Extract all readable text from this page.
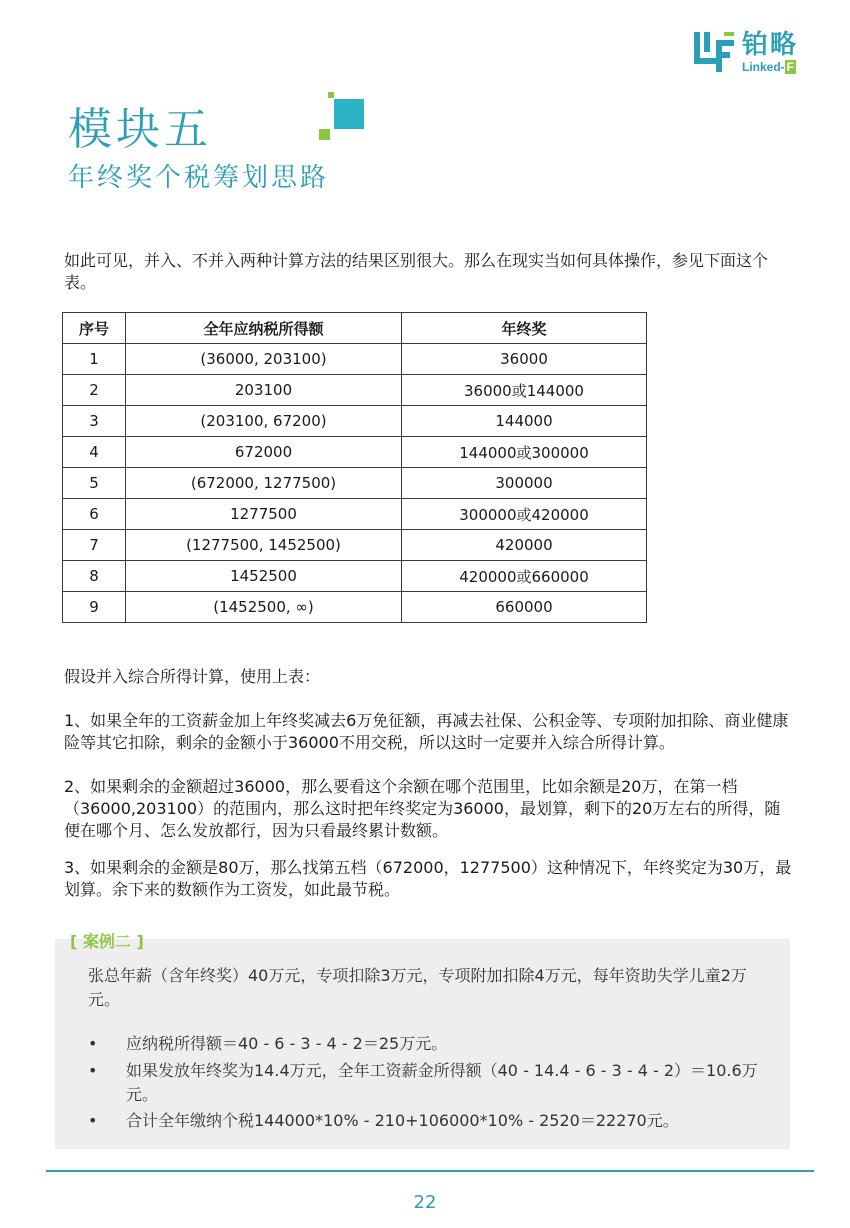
铂略
Linked- F
模块五
年终奖个税筹划思路
如此可见，并入、不并入两种计算方法的结果区别很大。那么在现实当如何具体操作，参见下面这个表。
序号	全年应纳税所得额	年终奖
1	(36000, 203100)	36000
2	203100	36000或144000
3	(203100, 67200)	144000
4	672000	144000或300000
5	(672000, 1277500)	300000
6	1277500	300000或420000
7	(1277500, 1452500)	420000
8	1452500	420000或660000
9	(1452500, ∞)	660000
假设并入综合所得计算，使用上表：
1、如果全年的工资薪金加上年终奖减去6万免征额，再减去社保、公积金等、专项附加扣除、商业健康险等其它扣除，剩余的金额小于36000不用交税，所以这时一定要并入综合所得计算。
2、如果剩余的金额超过36000，那么要看这个余额在哪个范围里，比如余额是20万，在第一档（36000,203100）的范围内，那么这时把年终奖定为36000，最划算，剩下的20万左右的所得，随便在哪个月、怎么发放都行，因为只看最终累计数额。
3、如果剩余的金额是80万，那么找第五档（672000，1277500）这种情况下，年终奖定为30万，最划算。余下来的数额作为工资发，如此最节税。
[ 案例二 ]
张总年薪（含年终奖）40万元，专项扣除3万元，专项附加扣除4万元，每年资助失学儿童2万元。
• 应纳税所得额＝40 - 6 - 3 - 4 - 2＝25万元。
• 如果发放年终奖为14.4万元，全年工资薪金所得额（40 - 14.4 - 6 - 3 - 4 - 2）＝10.6万元。
• 合计全年缴纳个税144000*10% - 210+106000*10% - 2520＝22270元。
22
